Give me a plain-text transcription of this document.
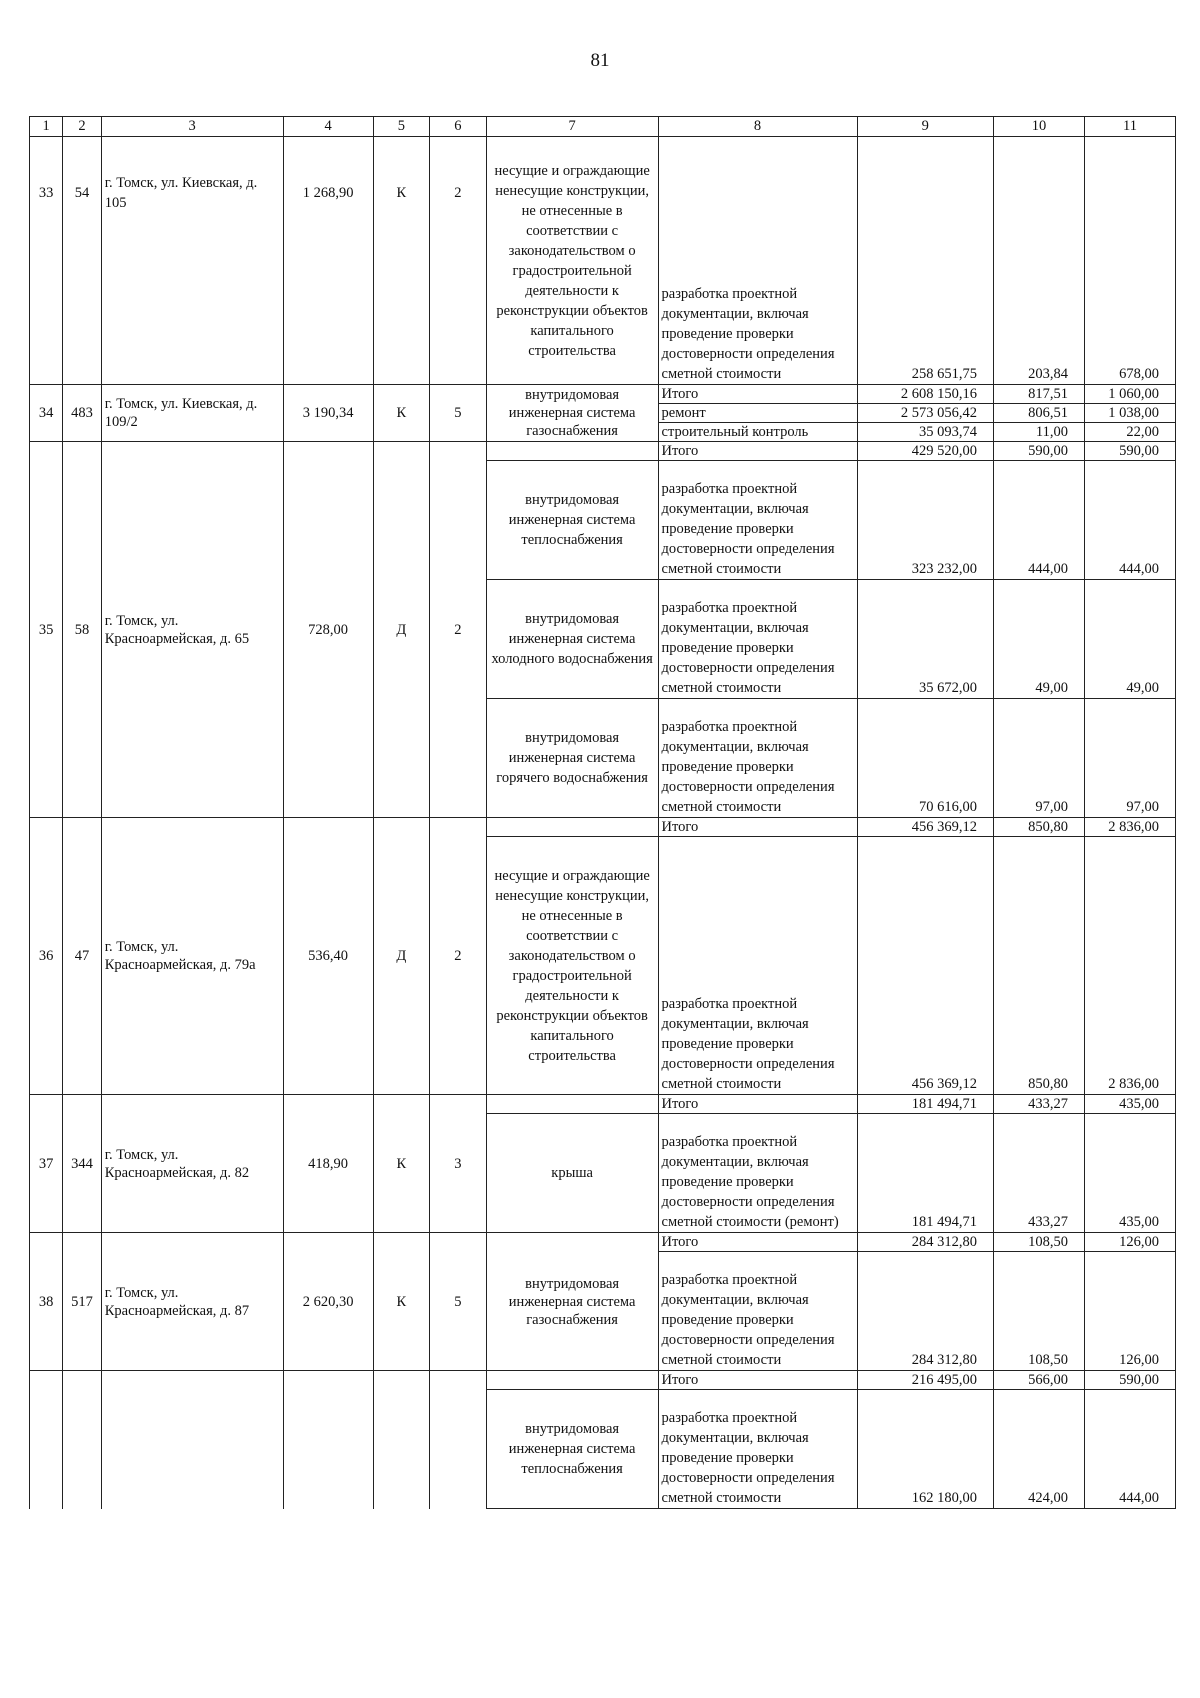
81
1	2	3	4	5	6	7	8	9	10	11
33	54	г. Томск, ул. Киевская, д. 105	1 268,90	К	2	несущие и ограждающие ненесущие конструкции, не отнесенные в соответствии с законодательством о градостроительной деятельности к реконструкции объектов капитального строительства	разработка проектной документации, включая проведение проверки достоверности определения сметной стоимости	258 651,75	203,84	678,00
34	483	г. Томск, ул. Киевская, д. 109/2	3 190,34	К	5	внутридомовая инженерная система газоснабжения	Итого	2 608 150,16	817,51	1 060,00
							ремонт	2 573 056,42	806,51	1 038,00
							строительный контроль	35 093,74	11,00	22,00
35	58	г. Томск, ул. Красноармейская, д. 65	728,00	Д	2		Итого	429 520,00	590,00	590,00
						внутридомовая инженерная система теплоснабжения	разработка проектной документации, включая проведение проверки достоверности определения сметной стоимости	323 232,00	444,00	444,00
						внутридомовая инженерная система холодного водоснабжения	разработка проектной документации, включая проведение проверки достоверности определения сметной стоимости	35 672,00	49,00	49,00
						внутридомовая инженерная система горячего водоснабжения	разработка проектной документации, включая проведение проверки достоверности определения сметной стоимости	70 616,00	97,00	97,00
36	47	г. Томск, ул. Красноармейская, д. 79а	536,40	Д	2		Итого	456 369,12	850,80	2 836,00
						несущие и ограждающие ненесущие конструкции, не отнесенные в соответствии с законодательством о градостроительной деятельности к реконструкции объектов капитального строительства	разработка проектной документации, включая проведение проверки достоверности определения сметной стоимости	456 369,12	850,80	2 836,00
37	344	г. Томск, ул. Красноармейская, д. 82	418,90	К	3		Итого	181 494,71	433,27	435,00
						крыша	разработка проектной документации, включая проведение проверки достоверности определения сметной стоимости (ремонт)	181 494,71	433,27	435,00
38	517	г. Томск, ул. Красноармейская, д. 87	2 620,30	К	5	внутридомовая инженерная система газоснабжения	Итого	284 312,80	108,50	126,00
							разработка проектной документации, включая проведение проверки достоверности определения сметной стоимости	284 312,80	108,50	126,00
							Итого	216 495,00	566,00	590,00
						внутридомовая инженерная система теплоснабжения	разработка проектной документации, включая проведение проверки достоверности определения сметной стоимости	162 180,00	424,00	444,00
